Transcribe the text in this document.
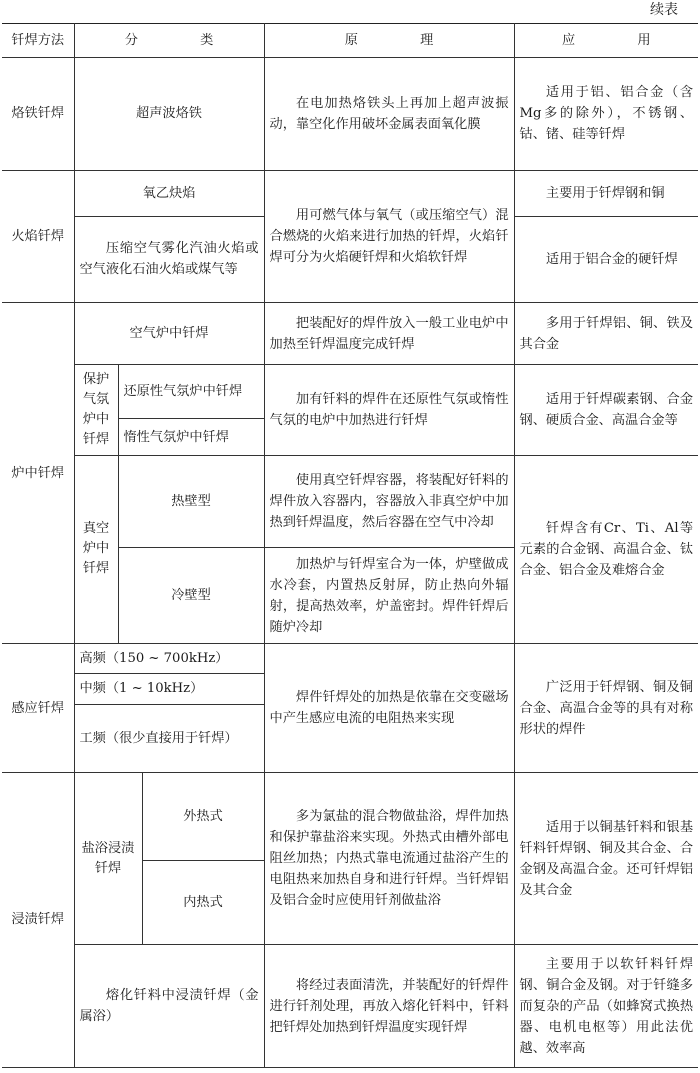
续表
钎焊方法	分 类			原 理	应 用
烙铁钎焊	超声波烙铁			在电加热烙铁头上再加上超声波振动，靠空化作用破坏金属表面氧化膜	适用于铝、铝合金（含Mg多的除外），不锈钢、钴、锗、硅等钎焊
火焰钎焊	氧乙炔焰			用可燃气体与氧气（或压缩空气）混合燃烧的火焰来进行加热的钎焊，火焰钎焊可分为火焰硬钎焊和火焰软钎焊	主要用于钎焊钢和铜
	压缩空气雾化汽油火焰或空气液化石油火焰或煤气等				适用于铝合金的硬钎焊
炉中钎焊	空气炉中钎焊			把装配好的焊件放入一般工业电炉中加热至钎焊温度完成钎焊	多用于钎焊铝、铜、铁及其合金
	保护气氛炉中钎焊	还原性气氛炉中钎焊		加有钎料的焊件在还原性气氛或惰性气氛的电炉中加热进行钎焊	适用于钎焊碳素钢、合金钢、硬质合金、高温合金等
		惰性气氛炉中钎焊			
	真空炉中钎焊	热壁型		使用真空钎焊容器，将装配好钎料的焊件放入容器内，容器放入非真空炉中加热到钎焊温度，然后容器在空气中冷却	钎焊含有Cr、Ti、Al等元素的合金钢、高温合金、钛合金、铝合金及难熔合金
		冷壁型		加热炉与钎焊室合为一体，炉壁做成水冷套，内置热反射屏，防止热向外辐射，提高热效率，炉盖密封。焊件钎焊后随炉冷却	
感应钎焊	高频（150 ~ 700kHz）			焊件钎焊处的加热是依靠在交变磁场中产生感应电流的电阻热来实现	广泛用于钎焊钢、铜及铜合金、高温合金等的具有对称形状的焊件
	中频（1 ~ 10kHz）				
	工频（很少直接用于钎焊）				
浸渍钎焊	盐浴浸渍钎焊		外热式	多为氯盐的混合物做盐浴，焊件加热和保护靠盐浴来实现。外热式由槽外部电阻丝加热；内热式靠电流通过盐浴产生的电阻热来加热自身和进行钎焊。当钎焊铝及铝合金时应使用钎剂做盐浴	适用于以铜基钎料和银基钎料钎焊钢、铜及其合金、合金钢及高温合金。还可钎焊铝及其合金
			内热式		
	熔化钎料中浸渍钎焊（金属浴）			将经过表面清洗，并装配好的钎焊件进行钎剂处理，再放入熔化钎料中，钎料把钎焊处加热到钎焊温度实现钎焊	主要用于以软钎料钎焊钢、铜合金及钢。对于钎缝多而复杂的产品（如蜂窝式换热器、电机电枢等）用此法优越、效率高
